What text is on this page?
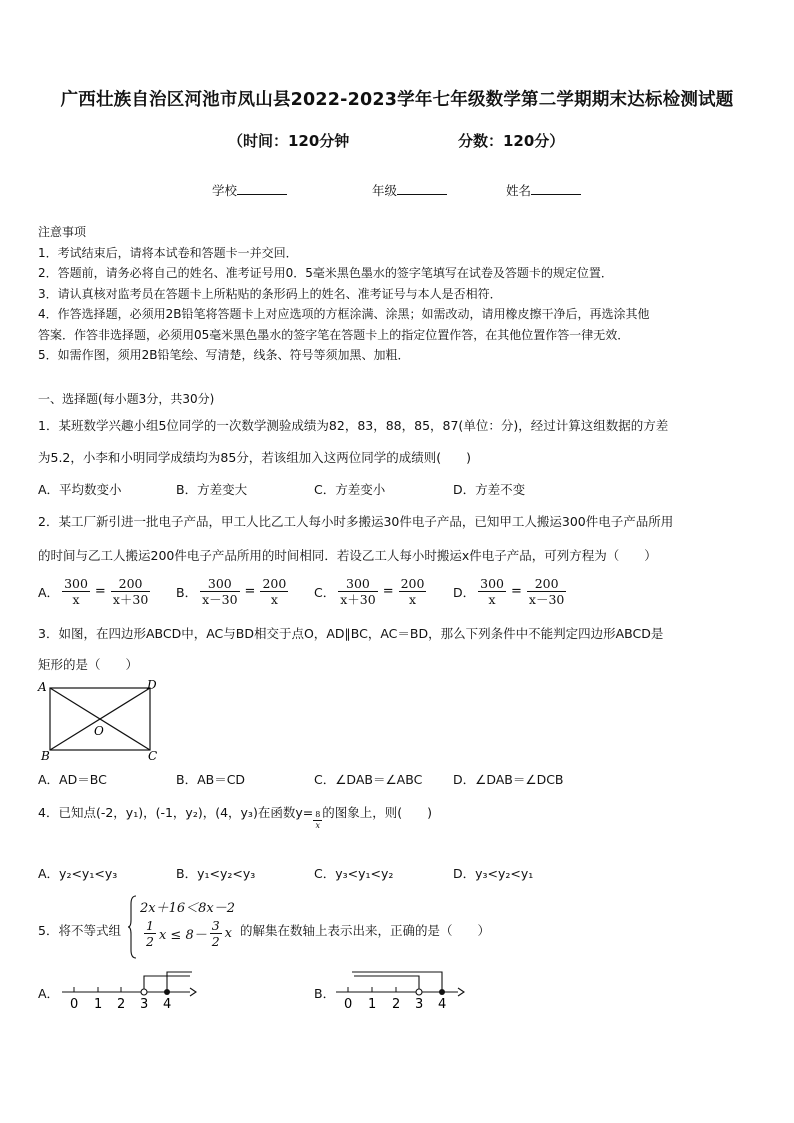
广西壮族自治区河池市凤山县2022-2023学年七年级数学第二学期期末达标检测试题
（时间：120分钟	分数：120分）
学校	年级	姓名
注意事项
1．考试结束后，请将本试卷和答题卡一并交回．
2．答题前，请务必将自己的姓名、准考证号用0．5毫米黑色墨水的签字笔填写在试卷及答题卡的规定位置．
3．请认真核对监考员在答题卡上所粘贴的条形码上的姓名、准考证号与本人是否相符．
4．作答选择题，必须用2B铅笔将答题卡上对应选项的方框涂满、涂黑；如需改动，请用橡皮擦干净后，再选涂其他
答案．作答非选择题，必须用05毫米黑色墨水的签字笔在答题卡上的指定位置作答，在其他位置作答一律无效．
5．如需作图，须用2B铅笔绘、写清楚，线条、符号等须加黑、加粗．
一、选择题(每小题3分，共30分)
1．某班数学兴趣小组5位同学的一次数学测验成绩为82，83，88，85，87(单位：分)，经过计算这组数据的方差
为5.2，小李和小明同学成绩均为85分，若该组加入这两位同学的成绩则(　　)
A．平均数变小	B．方差变大	C．方差变小	D．方差不变
2．某工厂新引进一批电子产品，甲工人比乙工人每小时多搬运30件电子产品，已知甲工人搬运300件电子产品所用
的时间与乙工人搬运200件电子产品所用的时间相同．若设乙工人每小时搬运x件电子产品，可列方程为（　　）
A． $\frac{300}{x} = \frac{200}{x+30}$ B． $\frac{300}{x-30} = \frac{200}{x}$ C． $\frac{300}{x+30} = \frac{200}{x}$ D． $\frac{300}{x} = \frac{200}{x-30}$
3．如图，在四边形ABCD中，AC与BD相交于点O，AD∥BC，AC＝BD，那么下列条件中不能判定四边形ABCD是
矩形的是（　　）
A	D
B	C
O
A．AD＝BC	B．AB＝CD	C．∠DAB＝∠ABC D．∠DAB＝∠DCB
4．已知点(-2，y₁)，(-1，y₂)，(4，y₃)在函数$y= \frac{8}{x}$ 的图象上，则(　　)
A．y₂<y₁<y₃	B．y₁<y₂<y₃	C．y₃<y₁<y₂	D．y₃<y₂<y₁
5．将不等式组
2x＋16＜8x－2
$\frac{1}{2}$ $x \le 8- \frac{3}{2}$ x 的解集在数轴上表示出来，正确的是（　　）
A．
0 1 2 3 4
B．
0 1 2 3 4
